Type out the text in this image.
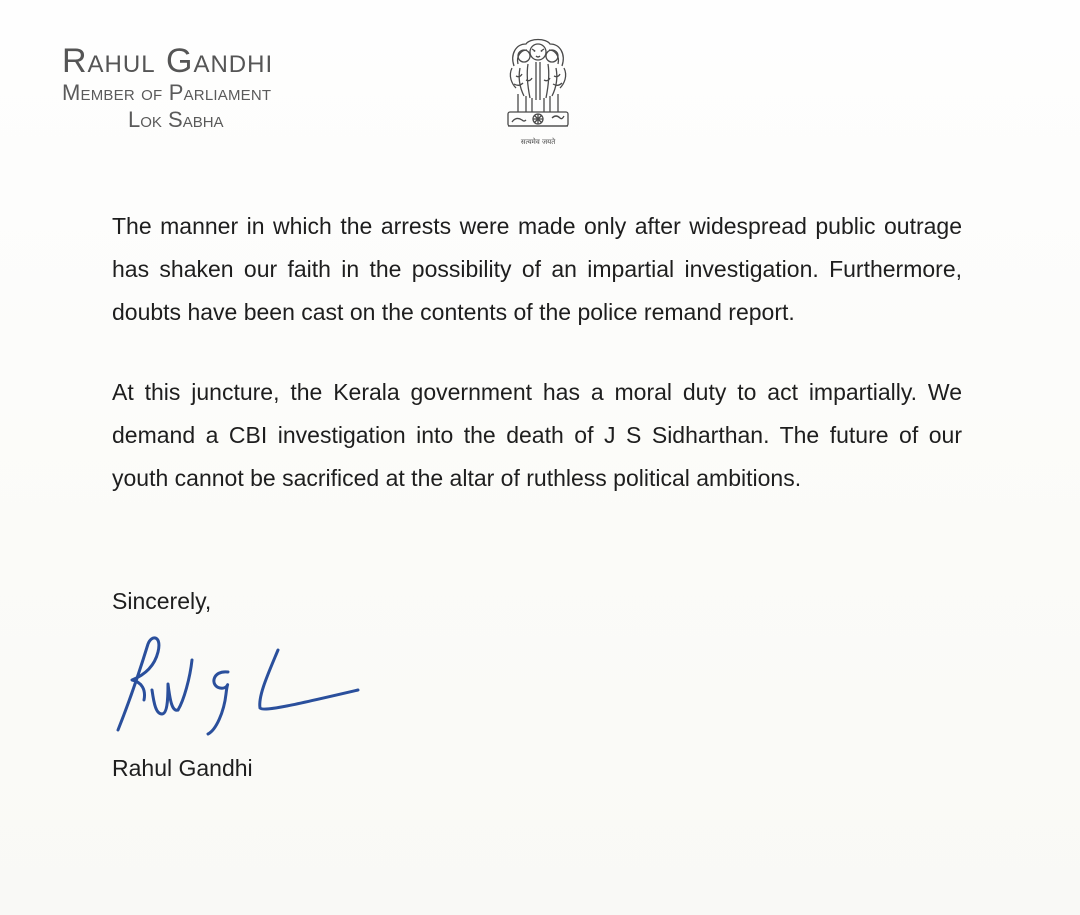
Rahul Gandhi
Member of Parliament
Lok Sabha
सत्यमेव जयते

The manner in which the arrests were made only after widespread public outrage has shaken our faith in the possibility of an impartial investigation. Furthermore, doubts have been cast on the contents of the police remand report.

At this juncture, the Kerala government has a moral duty to act impartially. We demand a CBI investigation into the death of J S Sidharthan. The future of our youth cannot be sacrificed at the altar of ruthless political ambitions.

Sincerely,
Rahul Gandhi
